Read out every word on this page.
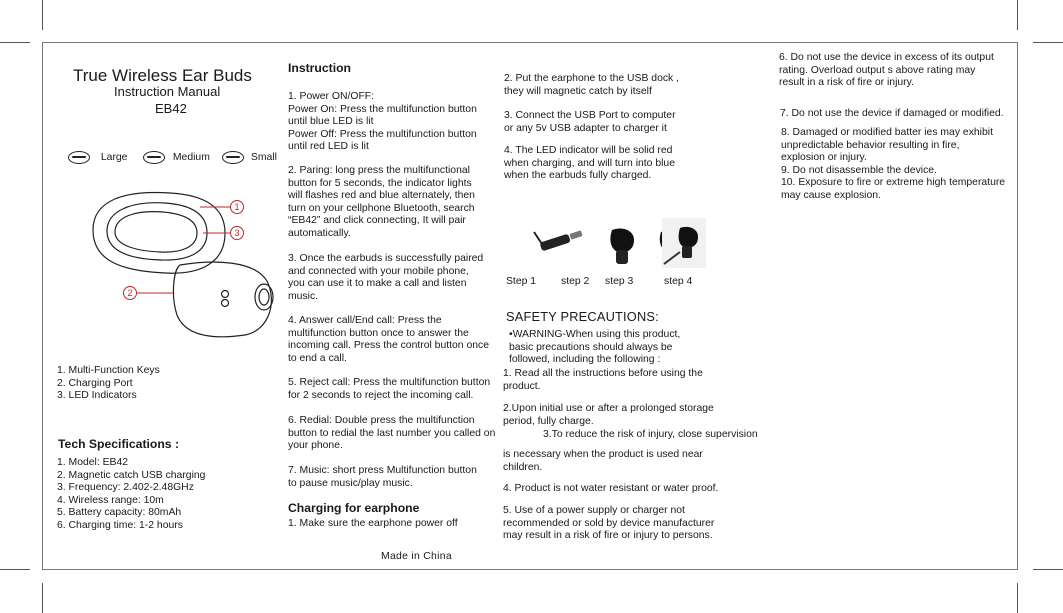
True Wireless Ear Buds
Instruction Manual
EB42
Large	Medium	Small
1
3
2
1. Multi-Function Keys
2. Charging Port
3. LED Indicators
Tech Specifications :
1. Model: EB42
2. Magnetic catch USB charging
3. Frequency: 2.402-2.48GHz
4. Wireless range: 10m
5. Battery capacity: 80mAh
6. Charging time: 1-2 hours
Instruction
1. Power ON/OFF:
Power On: Press the multifunction button
until blue LED is lit
Power Off: Press the multifunction button
until red LED is lit
2. Paring: long press the multifunctional
button for 5 seconds, the indicator lights
will flashes red and blue alternately, then
turn on your cellphone Bluetooth, search
“EB42” and click connecting, It will pair
automatically.
3. Once the earbuds is successfully paired
and connected with your mobile phone,
you can use it to make a call and listen
music.
4. Answer call/End call: Press the
multifunction button once to answer the
incoming call. Press the control button once
to end a call.
5. Reject call: Press the multifunction button
for 2 seconds to reject the incoming call.
6. Redial: Double press the multifunction
button to redial the last number you called on
your phone.
7. Music: short press Multifunction button
to pause music/play music.
Charging for earphone
1. Make sure the earphone power off
Made in China
2. Put the earphone to the USB dock ,
they will magnetic catch by itself
3. Connect the USB Port to computer
or any 5v USB adapter to charger it
4. The LED indicator will be solid red
when charging, and will turn into blue
when the earbuds fully charged.
Step 1 step 2 step 3	step 4
SAFETY PRECAUTIONS:
•WARNING-When using this product,
basic precautions should always be
followed, including the following :
1. Read all the instructions before using the
product.
2.Upon initial use or after a prolonged storage
period, fully charge.
3.To reduce the risk of injury, close supervision
is necessary when the product is used near
children.
4. Product is not water resistant or water proof.
5. Use of a power supply or charger not
recommended or sold by device manufacturer
may result in a risk of fire or injury to persons.
6. Do not use the device in excess of its output
rating. Overload output s above rating may
result in a risk of fire or injury.
7. Do not use the device if damaged or modified.
8. Damaged or modified batter ies may exhibit
unpredictable behavior resulting in fire,
explosion or injury.
9. Do not disassemble the device.
10. Exposure to fire or extreme high temperature
may cause explosion.
